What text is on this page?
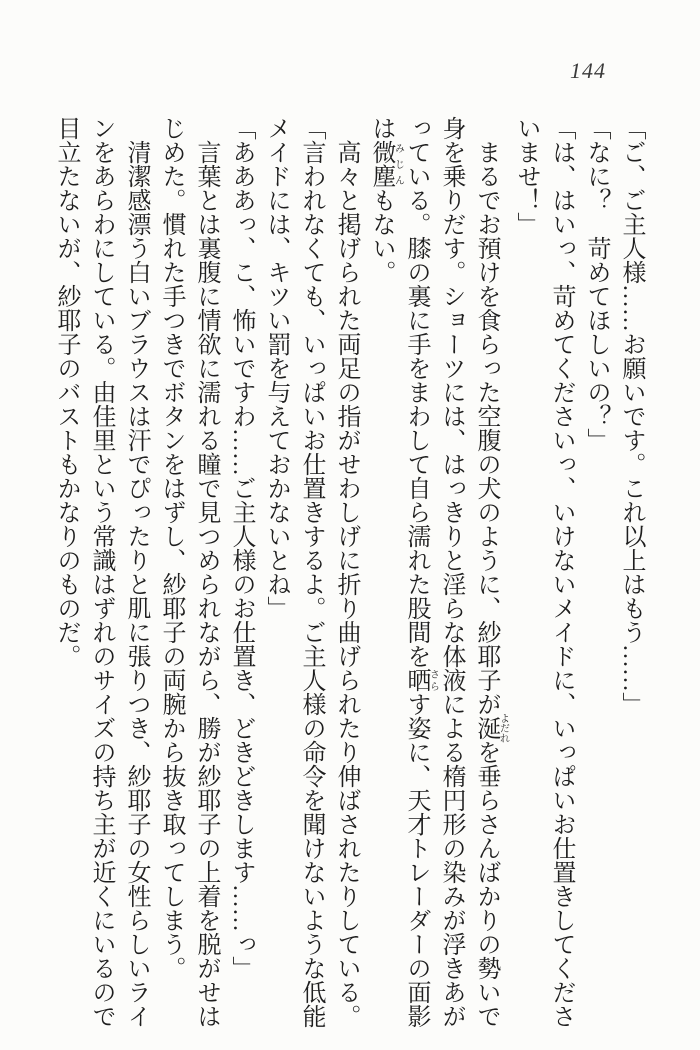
144

「ご、ご主人様……お願いです。これ以上はもう……」

「なに？　苛めてほしいの？」

「は、はいっ、苛めてくださいっ、いけないメイドに、いっぱいお仕置きしてくださいませ！」

まるでお預けを食らった空腹の犬のように、紗耶子が涎よだれを垂らさんばかりの勢いで身を乗りだす。ショーツには、はっきりと淫らな体液による楕円形の染みが浮きあがっている。膝の裏に手をまわして自ら濡れた股間を晒さらす姿に、天才トレーダーの面影は微塵みじんもない。

高々と掲げられた両足の指がせわしげに折り曲げられたり伸ばされたりしている。

「言われなくても、いっぱいお仕置きするよ。ご主人様の命令を聞けないような低能メイドには、キツい罰を与えておかないとね」

「あああっ、こ、怖いですわ……ご主人様のお仕置き、どきどきします……っ」

言葉とは裏腹に情欲に濡れる瞳で見つめられながら、勝が紗耶子の上着を脱がせはじめた。慣れた手つきでボタンをはずし、紗耶子の両腕から抜き取ってしまう。

清潔感漂う白いブラウスは汗でぴったりと肌に張りつき、紗耶子の女性らしいラインをあらわにしている。由佳里という常識はずれのサイズの持ち主が近くにいるので目立たないが、紗耶子のバストもかなりのものだ。
